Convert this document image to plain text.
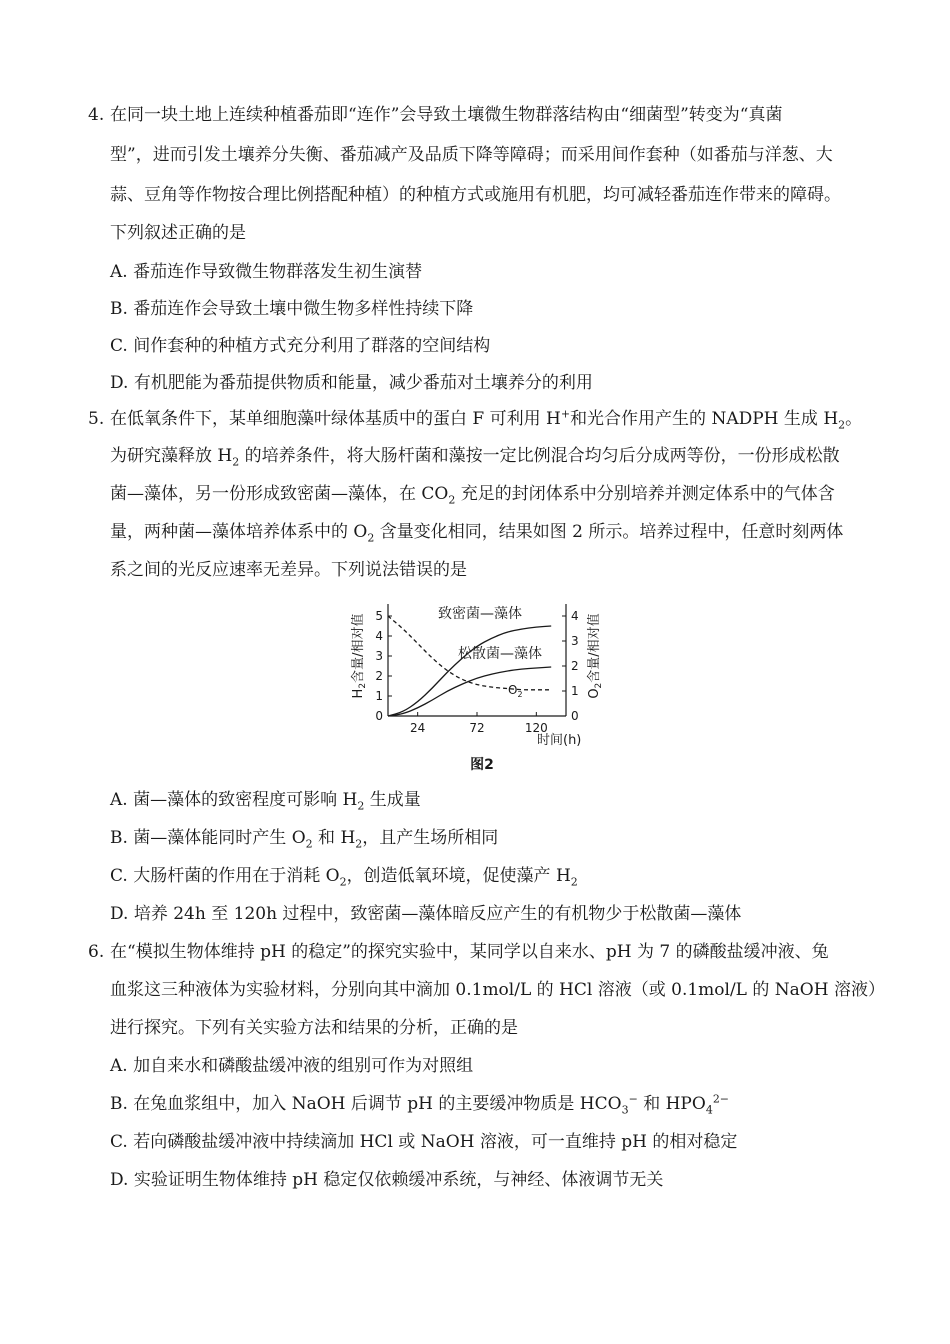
4. 在同一块土地上连续种植番茄即“连作”会导致土壤微生物群落结构由“细菌型”转变为“真菌
型”，进而引发土壤养分失衡、番茄减产及品质下降等障碍；而采用间作套种（如番茄与洋葱、大
蒜、豆角等作物按合理比例搭配种植）的种植方式或施用有机肥，均可减轻番茄连作带来的障碍。
下列叙述正确的是
A. 番茄连作导致微生物群落发生初生演替
B. 番茄连作会导致土壤中微生物多样性持续下降
C. 间作套种的种植方式充分利用了群落的空间结构
D. 有机肥能为番茄提供物质和能量，减少番茄对土壤养分的利用
5. 在低氧条件下，某单细胞藻叶绿体基质中的蛋白 F 可利用 H+和光合作用产生的 NADPH 生成 $H_2$。
为研究藻释放 $H_2$ 的培养条件，将大肠杆菌和藻按一定比例混合均匀后分成两等份，一份形成松散
菌—藻体，另一份形成致密菌—藻体，在 $CO_2$ 充足的封闭体系中分别培养并测定体系中的气体含
量，两种菌—藻体培养体系中的 $O_2$ 含量变化相同，结果如图 2 所示。培养过程中，任意时刻两体
系之间的光反应速率无差异。下列说法错误的是
0
1
2
3
4
5
0
1
2
3
4
24	72	120
致密菌—藻体
松散菌—藻体
$O_2$
$H_2$含量/相对值
$O_2$含量/相对值
时间(h)
图2
A. 菌—藻体的致密程度可影响 $H_2$ 生成量
B. 菌—藻体能同时产生 $O_2$ 和 $H_2$，且产生场所相同
C. 大肠杆菌的作用在于消耗 $O_2$，创造低氧环境，促使藻产 $H_2$
D. 培养 24h 至 120h 过程中，致密菌—藻体暗反应产生的有机物少于松散菌—藻体
6. 在“模拟生物体维持 pH 的稳定”的探究实验中，某同学以自来水、pH 为 7 的磷酸盐缓冲液、兔
血浆这三种液体为实验材料，分别向其中滴加 0.1mol/L 的 HCl 溶液（或 0.1mol/L 的 NaOH 溶液）
进行探究。下列有关实验方法和结果的分析，正确的是
A. 加自来水和磷酸盐缓冲液的组别可作为对照组
B. 在兔血浆组中，加入 NaOH 后调节 pH 的主要缓冲物质是 $HCO_3^-$ 和 $HPO_4^{2-}$
C. 若向磷酸盐缓冲液中持续滴加 HCl 或 NaOH 溶液，可一直维持 pH 的相对稳定
D. 实验证明生物体维持 pH 稳定仅依赖缓冲系统，与神经、体液调节无关
